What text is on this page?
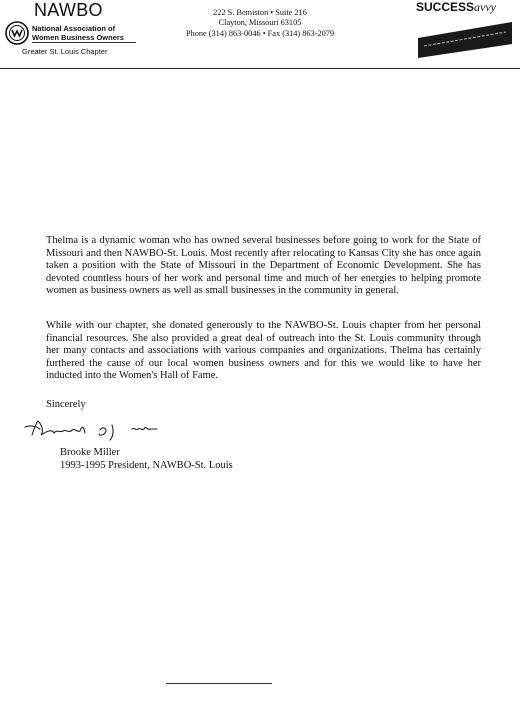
NAWBO
National Association of
Women Business Owners
Greater St. Louis Chapter
222 S. Bemiston • Suite 216
Clayton, Missouri 63105
Phone (314) 863-0046 • Fax (314) 863-2079
SUCCESSavvy
Thelma is a dynamic woman who has owned several businesses before going to work for the State of Missouri and then NAWBO-St. Louis. Most recently after relocating to Kansas City she has once again taken a position with the State of Missouri in the Department of Economic Development. She has devoted countless hours of her work and personal time and much of her energies to helping promote women as business owners as well as small businesses in the community in general.
While with our chapter, she donated generously to the NAWBO-St. Louis chapter from her personal financial resources. She also provided a great deal of outreach into the St. Louis community through her many contacts and associations with various companies and organizations. Thelma has certainly furthered the cause of our local women business owners and for this we would like to have her inducted into the Women's Hall of Fame.
Sincerely
Brooke Miller
1993-1995 President, NAWBO-St. Louis
